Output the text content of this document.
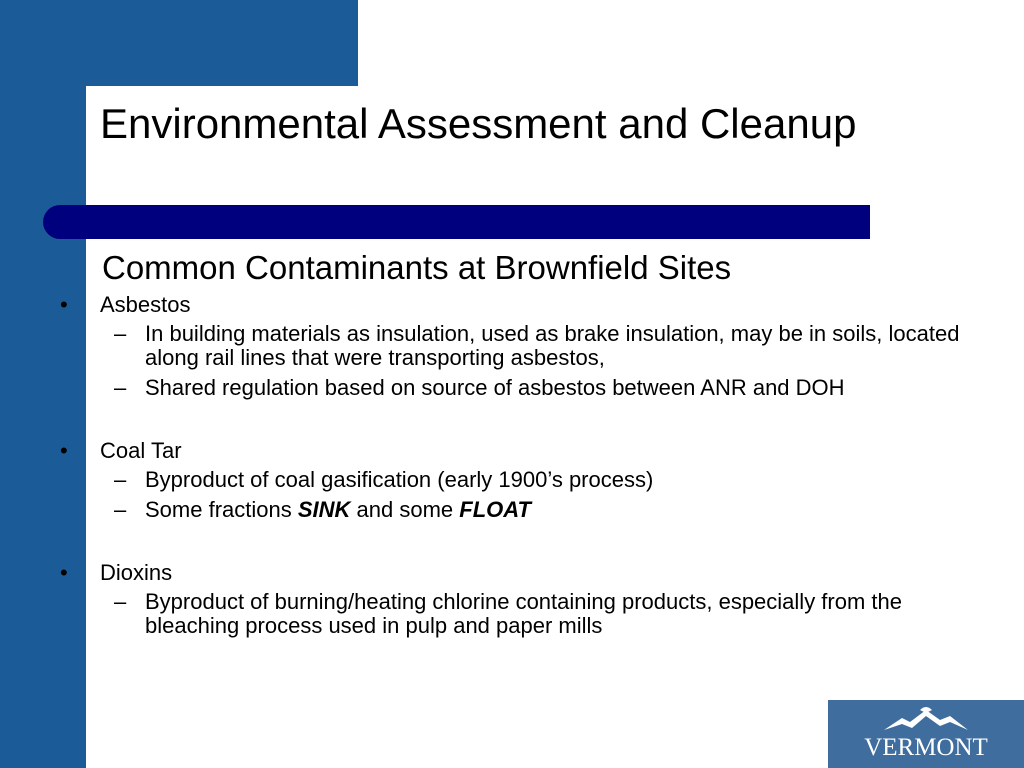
Environmental Assessment and Cleanup
Common Contaminants at Brownfield Sites

• Asbestos

– In building materials as insulation, used as brake insulation, may be in soils, located along rail lines that were transporting asbestos,
– Shared regulation based on source of asbestos between ANR and DOH

• Coal Tar

– Byproduct of coal gasification (early 1900’s process)
– Some fractions SINK and some FLOAT

• Dioxins

– Byproduct of burning/heating chlorine containing products, especially from the bleaching process used in pulp and paper mills
VERMONT
